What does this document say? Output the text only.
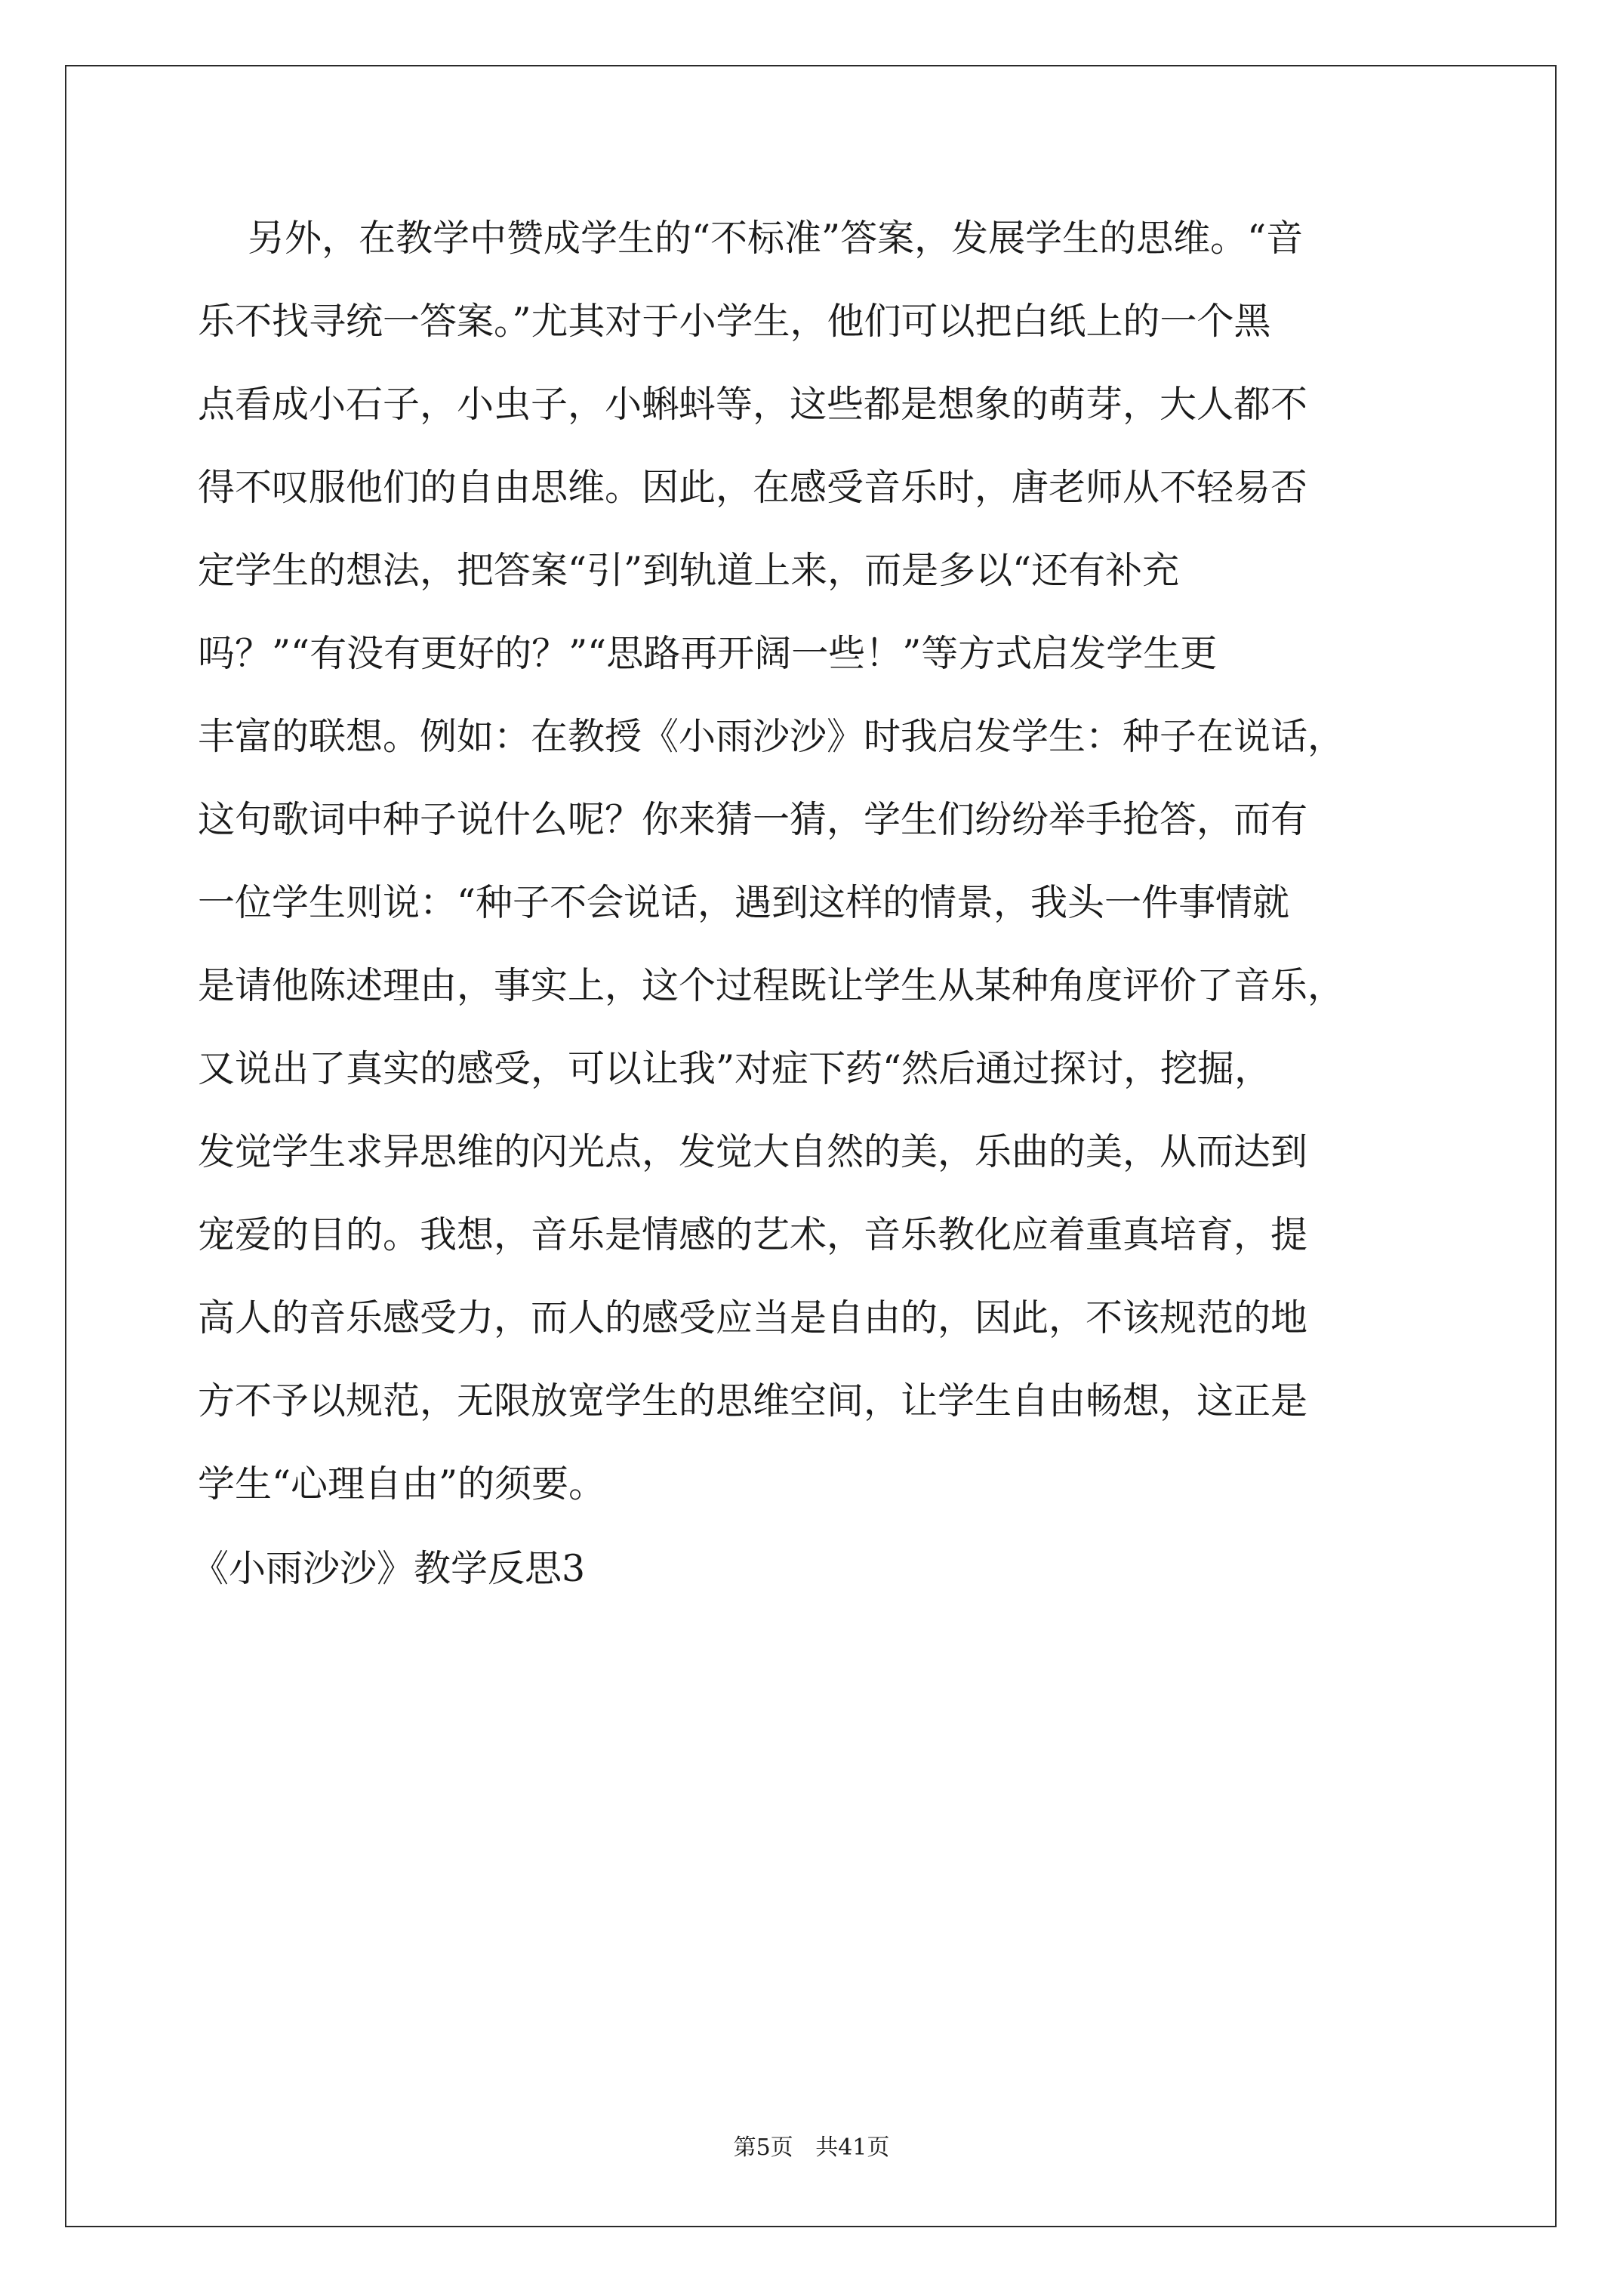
另外，在教学中赞成学生的“不标准”答案，发展学生的思维。“音
乐不找寻统一答案。”尤其对于小学生，他们可以把白纸上的一个黑
点看成小石子，小虫子，小蝌蚪等，这些都是想象的萌芽，大人都不
得不叹服他们的自由思维。因此，在感受音乐时，唐老师从不轻易否
定学生的想法，把答案“引”到轨道上来，而是多以“还有补充
吗？”“有没有更好的？”“思路再开阔一些！”等方式启发学生更
丰富的联想。例如：在教授《小雨沙沙》时我启发学生：种子在说话，
这句歌词中种子说什么呢？你来猜一猜，学生们纷纷举手抢答，而有
一位学生则说：“种子不会说话，遇到这样的情景，我头一件事情就
是请他陈述理由，事实上，这个过程既让学生从某种角度评价了音乐，
又说出了真实的感受，可以让我”对症下药“然后通过探讨，挖掘，
发觉学生求异思维的闪光点，发觉大自然的美，乐曲的美，从而达到
宠爱的目的。我想，音乐是情感的艺术，音乐教化应着重真培育，提
高人的音乐感受力，而人的感受应当是自由的，因此，不该规范的地
方不予以规范，无限放宽学生的思维空间，让学生自由畅想，这正是
学生“心理自由”的须要。
《小雨沙沙》教学反思3
第5页 共41页
